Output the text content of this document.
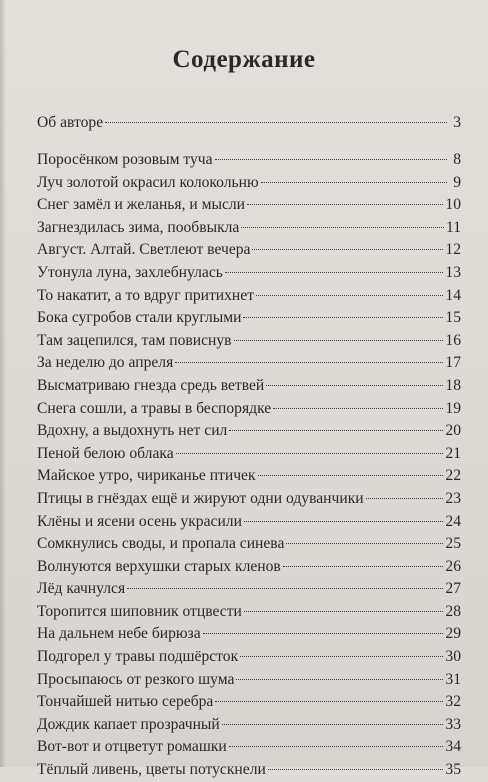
Содержание
Об авторе	3
Поросёнком розовым туча	8
Луч золотой окрасил колокольню	9
Снег замёл и желанья, и мысли	10
Загнездилась зима, пообвыкла	11
Август. Алтай. Светлеют вечера	12
Утонула луна, захлебнулась	13
То накатит, а то вдруг притихнет	14
Бока сугробов стали круглыми	15
Там зацепился, там повиснув	16
За неделю до апреля	17
Высматриваю гнезда средь ветвей	18
Снега сошли, а травы в беспорядке	19
Вдохну, а выдохнуть нет сил	20
Пеной белою облака	21
Майское утро, чириканье птичек	22
Птицы в гнёздах ещё и жируют одни одуванчики	23
Клёны и ясени осень украсили	24
Сомкнулись своды, и пропала синева	25
Волнуются верхушки старых кленов	26
Лёд качнулся	27
Торопится шиповник отцвести	28
На дальнем небе бирюза	29
Подгорел у травы подшёрсток	30
Просыпаюсь от резкого шума	31
Тончайшей нитью серебра	32
Дождик капает прозрачный	33
Вот-вот и отцветут ромашки	34
Тёплый ливень, цветы потускнели	35
